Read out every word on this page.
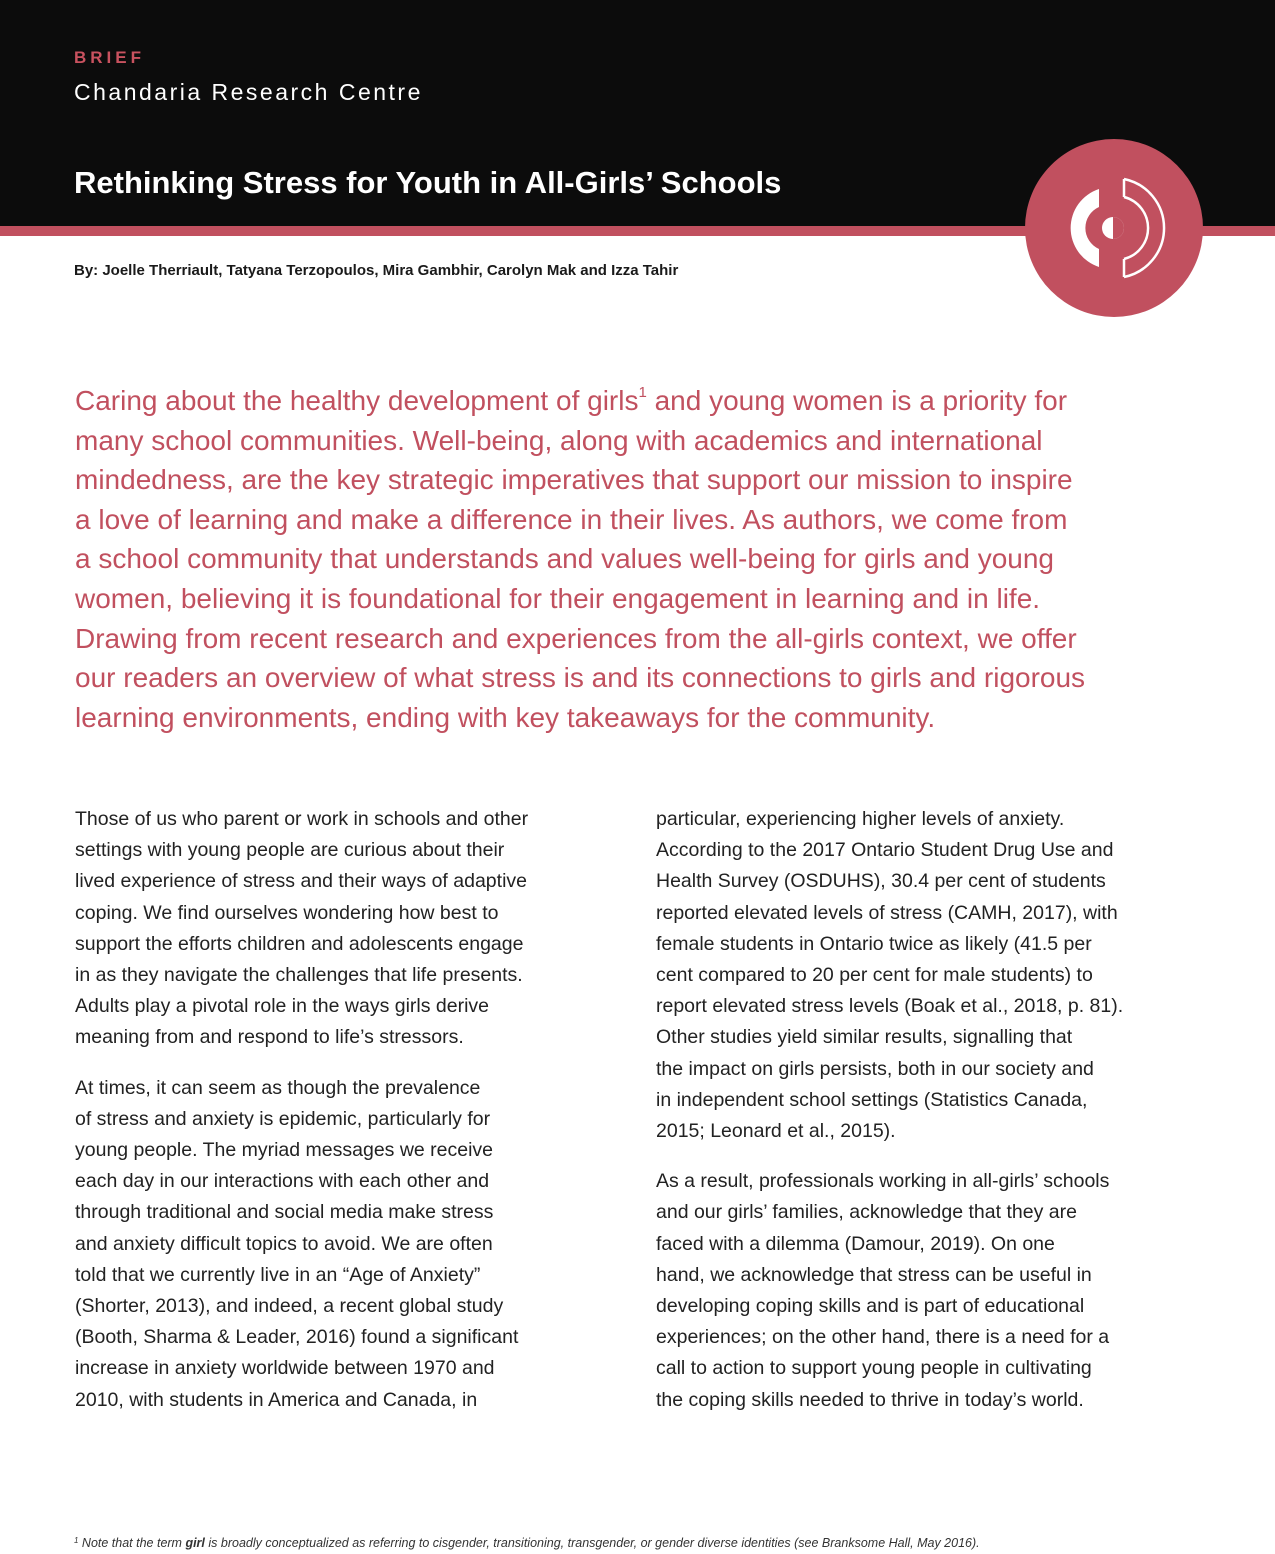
BRIEF
Chandaria Research Centre
Rethinking Stress for Youth in All-Girls’ Schools
By: Joelle Therriault, Tatyana Terzopoulos, Mira Gambhir, Carolyn Mak and Izza Tahir
Caring about the healthy development of girls$^1$ and young women is a priority for
many school communities. Well-being, along with academics and international
mindedness, are the key strategic imperatives that support our mission to inspire
a love of learning and make a difference in their lives. As authors, we come from
a school community that understands and values well-being for girls and young
women, believing it is foundational for their engagement in learning and in life.
Drawing from recent research and experiences from the all-girls context, we offer
our readers an overview of what stress is and its connections to girls and rigorous
learning environments, ending with key takeaways for the community.

Those of us who parent or work in schools and other
settings with young people are curious about their
lived experience of stress and their ways of adaptive
coping. We find ourselves wondering how best to
support the efforts children and adolescents engage
in as they navigate the challenges that life presents.
Adults play a pivotal role in the ways girls derive
meaning from and respond to life’s stressors.

At times, it can seem as though the prevalence
of stress and anxiety is epidemic, particularly for
young people. The myriad messages we receive
each day in our interactions with each other and
through traditional and social media make stress
and anxiety difficult topics to avoid. We are often
told that we currently live in an “Age of Anxiety”
(Shorter, 2013), and indeed, a recent global study
(Booth, Sharma & Leader, 2016) found a significant
increase in anxiety worldwide between 1970 and
2010, with students in America and Canada, in

particular, experiencing higher levels of anxiety.
According to the 2017 Ontario Student Drug Use and
Health Survey (OSDUHS), 30.4 per cent of students
reported elevated levels of stress (CAMH, 2017), with
female students in Ontario twice as likely (41.5 per
cent compared to 20 per cent for male students) to
report elevated stress levels (Boak et al., 2018, p. 81).
Other studies yield similar results, signalling that
the impact on girls persists, both in our society and
in independent school settings (Statistics Canada,
2015; Leonard et al., 2015).

As a result, professionals working in all-girls’ schools
and our girls’ families, acknowledge that they are
faced with a dilemma (Damour, 2019). On one
hand, we acknowledge that stress can be useful in
developing coping skills and is part of educational
experiences; on the other hand, there is a need for a
call to action to support young people in cultivating
the coping skills needed to thrive in today’s world.

$^1$ Note that the term girl is broadly conceptualized as referring to cisgender, transitioning, transgender, or gender diverse identities (see Branksome Hall, May 2016).
